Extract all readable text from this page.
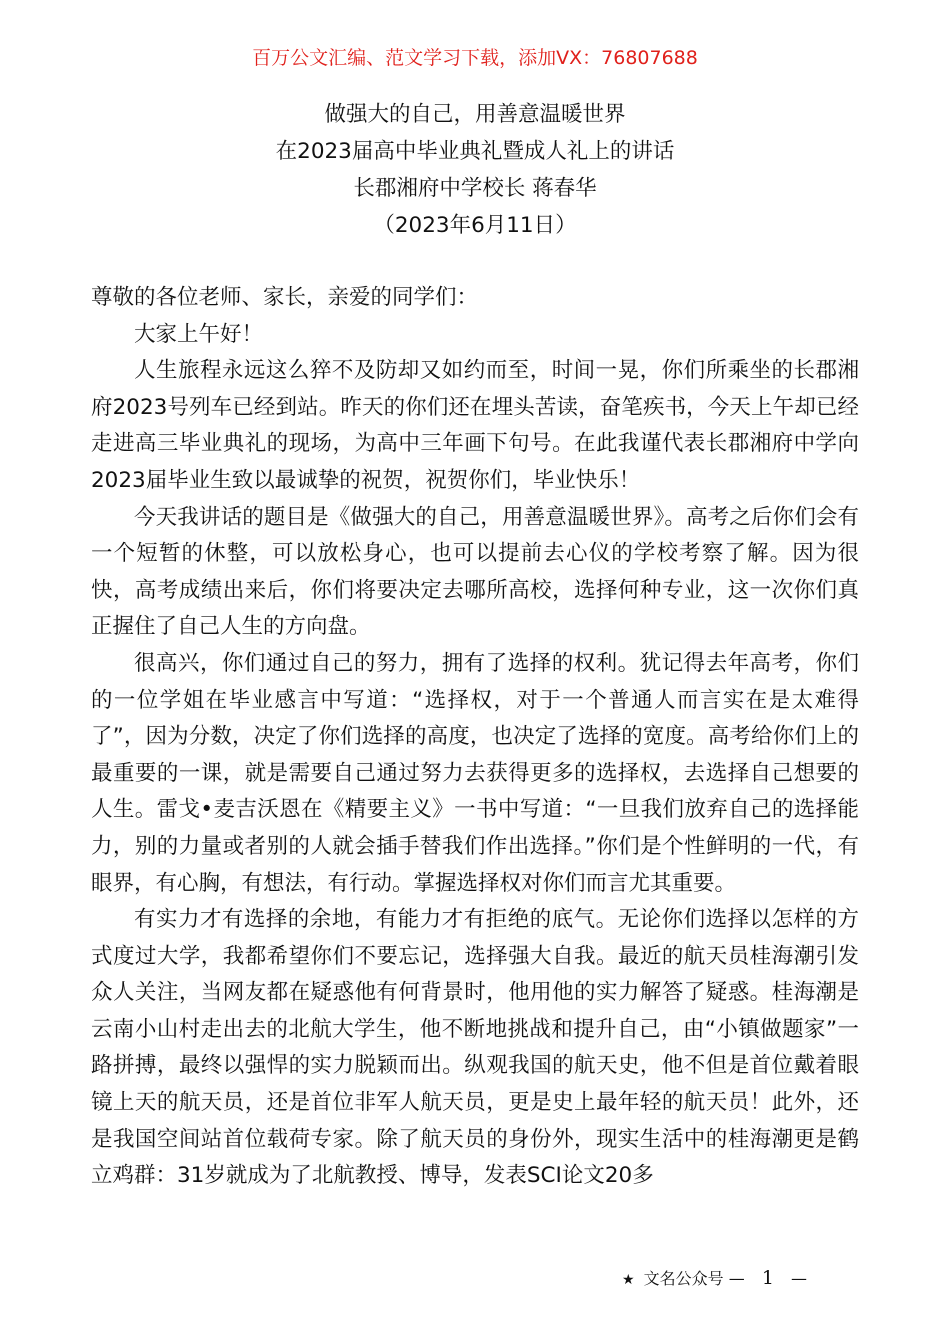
百万公文汇编、范文学习下载，添加VX：76807688
做强大的自己，用善意温暖世界
在2023届高中毕业典礼暨成人礼上的讲话
长郡湘府中学校长 蒋春华
（2023年6月11日）

尊敬的各位老师、家长，亲爱的同学们：

大家上午好！

人生旅程永远这么猝不及防却又如约而至，时间一晃，你们所乘坐的长郡湘府2023号列车已经到站。昨天的你们还在埋头苦读，奋笔疾书，今天上午却已经走进高三毕业典礼的现场，为高中三年画下句号。在此我谨代表长郡湘府中学向2023届毕业生致以最诚挚的祝贺，祝贺你们，毕业快乐！

今天我讲话的题目是《做强大的自己，用善意温暖世界》。高考之后你们会有一个短暂的休整，可以放松身心，也可以提前去心仪的学校考察了解。因为很快，高考成绩出来后，你们将要决定去哪所高校，选择何种专业，这一次你们真正握住了自己人生的方向盘。

很高兴，你们通过自己的努力，拥有了选择的权利。犹记得去年高考，你们的一位学姐在毕业感言中写道：“选择权，对于一个普通人而言实在是太难得了”，因为分数，决定了你们选择的高度，也决定了选择的宽度。高考给你们上的最重要的一课，就是需要自己通过努力去获得更多的选择权，去选择自己想要的人生。雷戈•麦吉沃恩在《精要主义》一书中写道：“一旦我们放弃自己的选择能力，别的力量或者别的人就会插手替我们作出选择。”你们是个性鲜明的一代，有眼界，有心胸，有想法，有行动。掌握选择权对你们而言尤其重要。

有实力才有选择的余地，有能力才有拒绝的底气。无论你们选择以怎样的方式度过大学，我都希望你们不要忘记，选择强大自我。最近的航天员桂海潮引发众人关注，当网友都在疑惑他有何背景时，他用他的实力解答了疑惑。桂海潮是云南小山村走出去的北航大学生，他不断地挑战和提升自己，由“小镇做题家”一路拼搏，最终以强悍的实力脱颖而出。纵观我国的航天史，他不但是首位戴着眼镜上天的航天员，还是首位非军人航天员，更是史上最年轻的航天员！此外，还是我国空间站首位载荷专家。除了航天员的身份外，现实生活中的桂海潮更是鹤立鸡群：31岁就成为了北航教授、博导，发表SCI论文20多

★ 文名公众号 — 1 —
